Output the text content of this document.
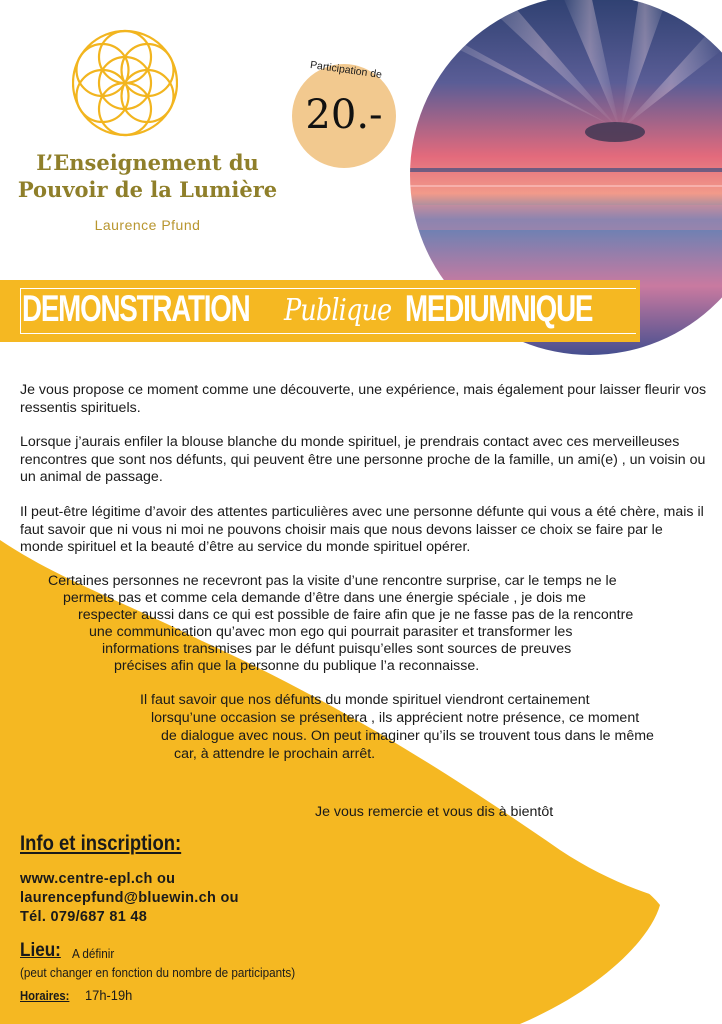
L’Enseignement du
Pouvoir de la Lumière
Laurence Pfund
Participation de
20.-
DEMONSTRATION Publique MEDIUMNIQUE
Je vous propose ce moment comme une découverte, une expérience, mais également pour laisser fleurir vos ressentis spirituels.
Lorsque j’aurais enfiler la blouse blanche du monde spirituel, je prendrais contact avec ces merveilleuses rencontres que sont nos défunts, qui peuvent être une personne proche de la famille, un ami(e) , un voisin ou un animal de passage.
Il peut-être légitime d’avoir des attentes particulières avec une personne défunte qui vous a été chère, mais il faut savoir que ni vous ni moi ne pouvons choisir mais que nous devons laisser ce choix se faire par le monde spirituel et la beauté d’être au service du monde spirituel opérer.
Certaines personnes ne recevront pas la visite d’une rencontre surprise, car le temps ne le
permets pas et comme cela demande d’être dans une énergie spéciale , je dois me
respecter aussi dans ce qui est possible de faire afin que je ne fasse pas de la rencontre
une communication qu’avec mon ego qui pourrait parasiter et transformer les
informations transmises par le défunt puisqu’elles sont sources de preuves
précises afin que la personne du publique l’a reconnaisse.
Il faut savoir que nos défunts du monde spirituel viendront certainement
lorsqu’une occasion se présentera , ils apprécient notre présence, ce moment
de dialogue avec nous. On peut imaginer qu’ils se trouvent tous dans le même
car, à attendre le prochain arrêt.
Je vous remercie et vous dis à bientôt
Info et inscription:
www.centre-epl.ch ou
laurencepfund@bluewin.ch ou
Tél. 079/687 81 48
Lieu: A définir
(peut changer en fonction du nombre de participants)
Horaires: 17h-19h
